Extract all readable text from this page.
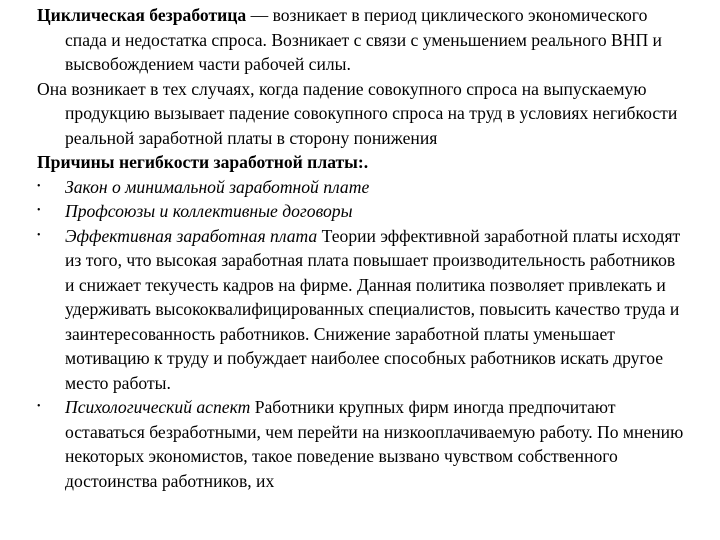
Циклическая безработица — возникает в период циклического экономического спада и недостатка спроса. Возникает с связи с уменьшением реального ВНП и высвобождением части рабочей силы.

Она возникает в тех случаях, когда падение совокупного спроса на выпускаемую продукцию вызывает падение совокупного спроса на труд в условиях негибкости реальной заработной платы в сторону понижения

Причины негибкости заработной платы:.

•	Закон о минимальной заработной плате
•	Профсоюзы и коллективные договоры
•	Эффективная заработная плата Теории эффективной заработной платы исходят из того, что высокая заработная плата повышает производительность работников и снижает текучесть кадров на фирме. Данная политика позволяет привлекать и удерживать высококвалифицированных специалистов, повысить качество труда и заинтересованность работников. Снижение заработной платы уменьшает мотивацию к труду и побуждает наиболее способных работников искать другое место работы.
•	Психологический аспект Работники крупных фирм иногда предпочитают оставаться безработными, чем перейти на низкооплачиваемую работу. По мнению некоторых экономистов, такое поведение вызвано чувством собственного достоинства работников, их
